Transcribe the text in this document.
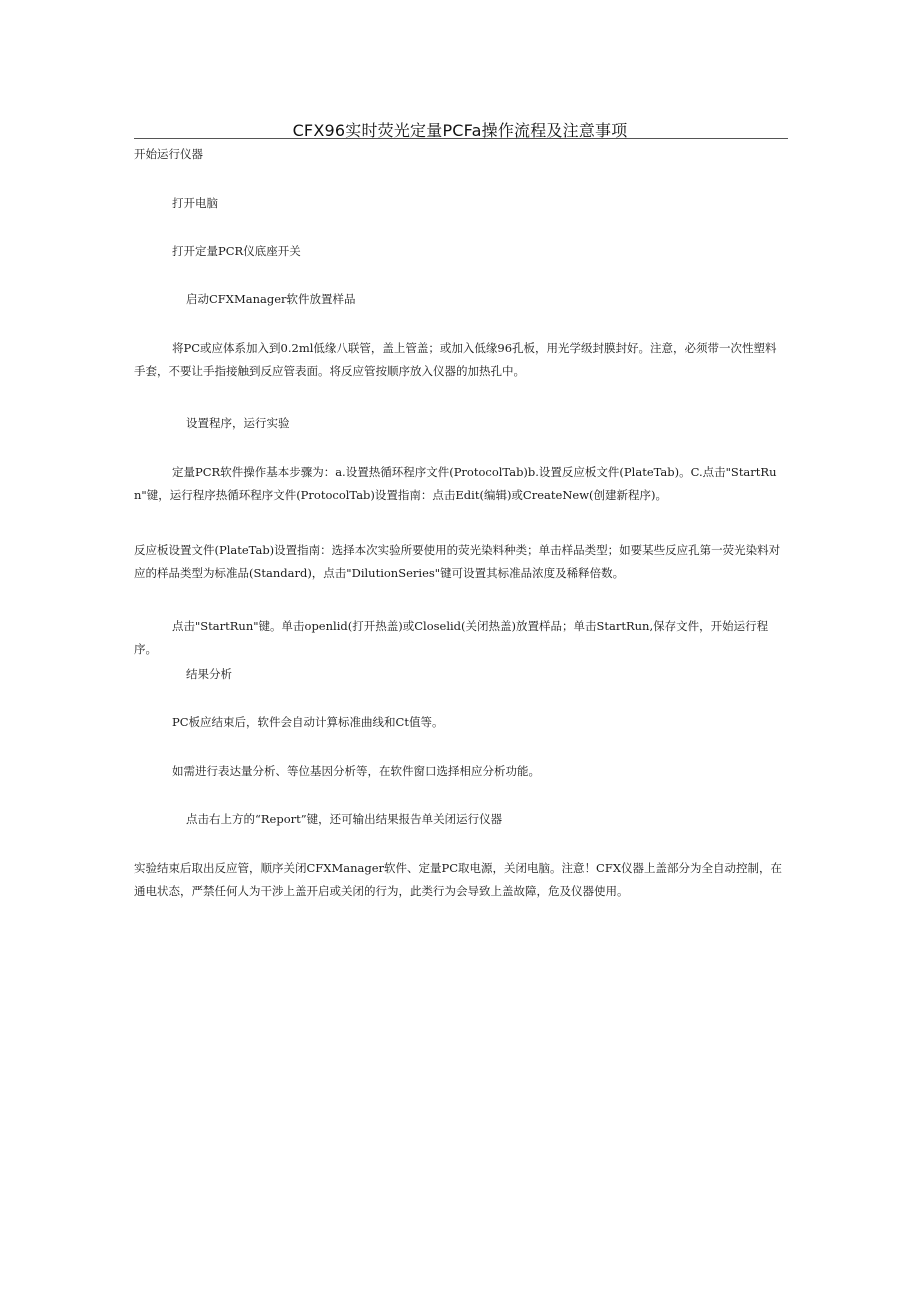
CFX96实时荧光定量PCFa操作流程及注意事项

开始运行仪器

打开电脑

打开定量PCR仪底座开关

启动CFXManager软件放置样品

将PC或应体系加入到0.2ml低缘八联管，盖上管盖；或加入低缘96孔板，用光学级封膜封好。注意，必须带一次性塑料手套，不要让手指接触到反应管表面。将反应管按顺序放入仪器的加热孔中。

设置程序，运行实验

定量PCR软件操作基本步骤为：a.设置热循环程序文件(ProtocolTab)b.设置反应板文件(PlateTab)。C.点击"StartRun"键，运行程序热循环程序文件(ProtocolTab)设置指南：点击Edit(编辑)或CreateNew(创建新程序)。

反应板设置文件(PlateTab)设置指南：选择本次实验所要使用的荧光染料种类；单击样品类型；如要某些反应孔第一荧光染料对应的样品类型为标准品(Standard)，点击"DilutionSeries"键可设置其标准品浓度及稀释倍数。

点击"StartRun"键。单击openlid(打开热盖)或Closelid(关闭热盖)放置样品；单击StartRun,保存文件，开始运行程序。

结果分析

PC板应结束后，软件会自动计算标准曲线和Ct值等。

如需进行表达量分析、等位基因分析等，在软件窗口选择相应分析功能。

点击右上方的“Report”键，还可输出结果报告单关闭运行仪器

实验结束后取出反应管，顺序关闭CFXManager软件、定量PC取电源，关闭电脑。注意！CFX仪器上盖部分为全自动控制，在通电状态，严禁任何人为干涉上盖开启或关闭的行为，此类行为会导致上盖故障，危及仪器使用。
